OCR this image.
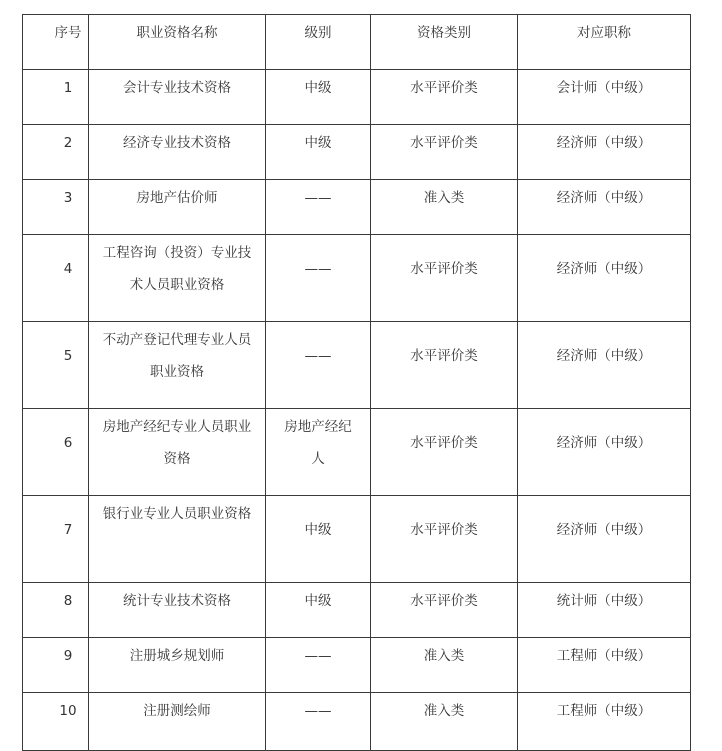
序号	职业资格名称	级别	资格类别	对应职称
1	会计专业技术资格	中级	水平评价类	会计师（中级）
2	经济专业技术资格	中级	水平评价类	经济师（中级）
3	房地产估价师	——	准入类	经济师（中级）
4	工程咨询（投资）专业技术人员职业资格	——	水平评价类	经济师（中级）
5	不动产登记代理专业人员职业资格	——	水平评价类	经济师（中级）
6	房地产经纪专业人员职业资格	房地产经纪人	水平评价类	经济师（中级）
7	银行业专业人员职业资格	中级	水平评价类	经济师（中级）
8	统计专业技术资格	中级	水平评价类	统计师（中级）
9	注册城乡规划师	——	准入类	工程师（中级）
10	注册测绘师	——	准入类	工程师（中级）
